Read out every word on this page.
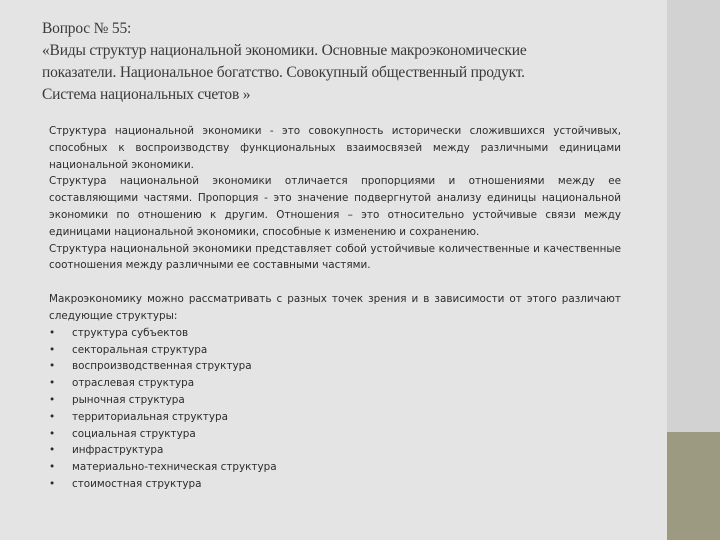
Вопрос № 55:
«Виды структур национальной экономики. Основные макроэкономические
показатели. Национальное богатство. Совокупный общественный продукт.
Система национальных счетов »

Структура национальной экономики - это совокупность исторически сложившихся устойчивых, способных к воспроизводству функциональных взаимосвязей между различными единицами национальной экономики.

Структура национальной экономики отличается пропорциями и отношениями между ее составляющими частями. Пропорция - это значение подвергнутой анализу единицы национальной экономики по отношению к другим. Отношения – это относительно устойчивые связи между единицами национальной экономики, способные к изменению и сохранению.

Структура национальной экономики представляет собой устойчивые количественные и качественные соотношения между различными ее составными частями.

Макроэкономику можно рассматривать с разных точек зрения и в зависимости от этого различают следующие структуры:

• структура субъектов
• секторальная структура
• воспроизводственная структура
• отраслевая структура
• рыночная структура
• территориальная структура
• социальная структура
• инфраструктура
• материально-техническая структура
• стоимостная структура
